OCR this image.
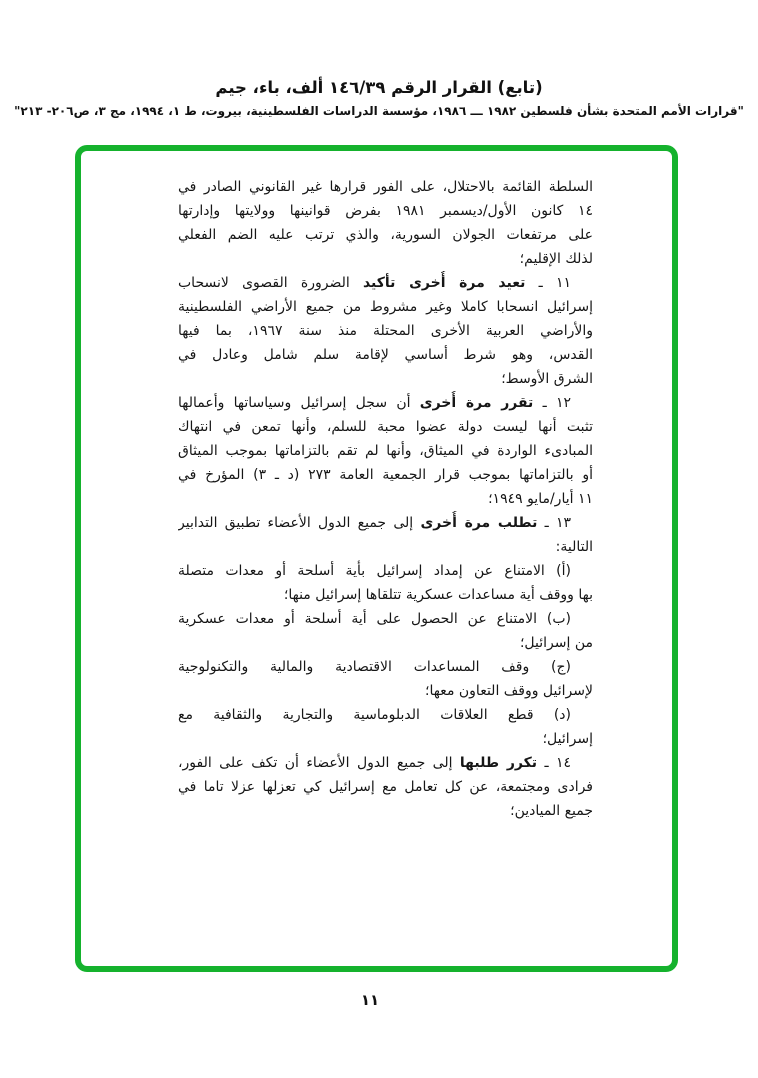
(تابع) القرار الرقم ١٤٦/٣٩ ألف، باء، جيم
"قرارات الأمم المتحدة بشأن فلسطين ١٩٨٢ ـــ ١٩٨٦، مؤسسة الدراسات الفلسطينية، بيروت، ط ١، ١٩٩٤، مج ٣، ص٢٠٦- ٢١٣"
السلطة القائمة بالاحتلال، على الفور قرارها غير القانوني الصادر في
١٤ كانون الأول/ديسمبر ١٩٨١ بفرض قوانينها وولايتها وإدارتها
على مرتفعات الجولان السورية، والذي ترتب عليه الضم الفعلي
لذلك الإقليم؛
١١ ـ تعيد مرة أُخرى تأكيد الضرورة القصوى لانسحاب
إسرائيل انسحابا كاملا وغير مشروط من جميع الأراضي الفلسطينية
والأراضي العربية الأخرى المحتلة منذ سنة ١٩٦٧، بما فيها
القدس، وهو شرط أساسي لإقامة سلم شامل وعادل في
الشرق الأوسط؛
١٢ ـ تقرر مرة أُخرى أن سجل إسرائيل وسياساتها وأعمالها
تثبت أنها ليست دولة عضوا محبة للسلم، وأنها تمعن في انتهاك
المبادىء الواردة في الميثاق، وأنها لم تقم بالتزاماتها بموجب الميثاق
أو بالتزاماتها بموجب قرار الجمعية العامة ٢٧٣ (د ـ ٣) المؤرخ في
١١ أيار/مايو ١٩٤٩؛
١٣ ـ تطلب مرة أُخرى إلى جميع الدول الأعضاء تطبيق التدابير
التالية:
(أ) الامتناع عن إمداد إسرائيل بأية أسلحة أو معدات متصلة
بها ووقف أية مساعدات عسكرية تتلقاها إسرائيل منها؛
(ب) الامتناع عن الحصول على أية أسلحة أو معدات عسكرية
من إسرائيل؛
(ج) وقف المساعدات الاقتصادية والمالية والتكنولوجية
لإسرائيل ووقف التعاون معها؛
(د) قطع العلاقات الدبلوماسية والتجارية والثقافية مع
إسرائيل؛
١٤ ـ تكرر طلبها إلى جميع الدول الأعضاء أن تكف على الفور،
فرادى ومجتمعة، عن كل تعامل مع إسرائيل كي تعزلها عزلا تاما في
جميع الميادين؛
١١
